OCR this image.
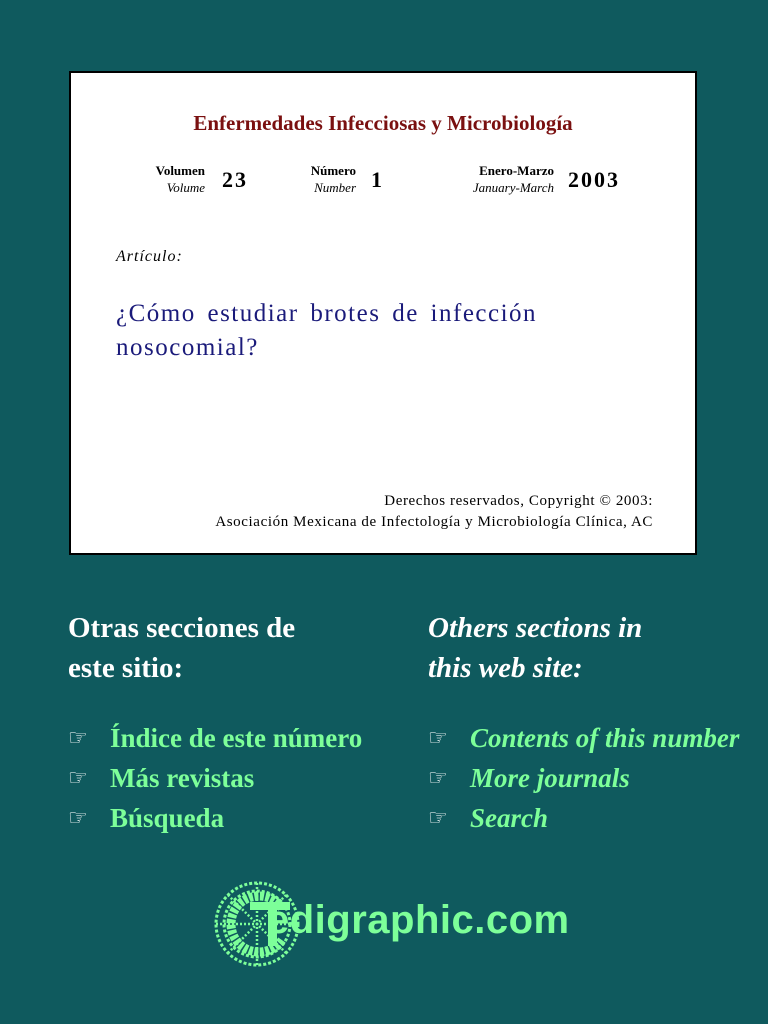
Enfermedades Infecciosas y Microbiología
Volumen
Volume 23	Número
Number 1	Enero-Marzo
January-March 2003
Artículo:
¿Cómo estudiar brotes de infección nosocomial?
Derechos reservados, Copyright © 2003:
Asociación Mexicana de Infectología y Microbiología Clínica, AC
Otras secciones de
este sitio:
Others sections in
this web site:
☞ Índice de este número
☞ Más revistas
☞ Búsqueda
☞ Contents of this number
☞ More journals
☞ Search
edigraphic.com
